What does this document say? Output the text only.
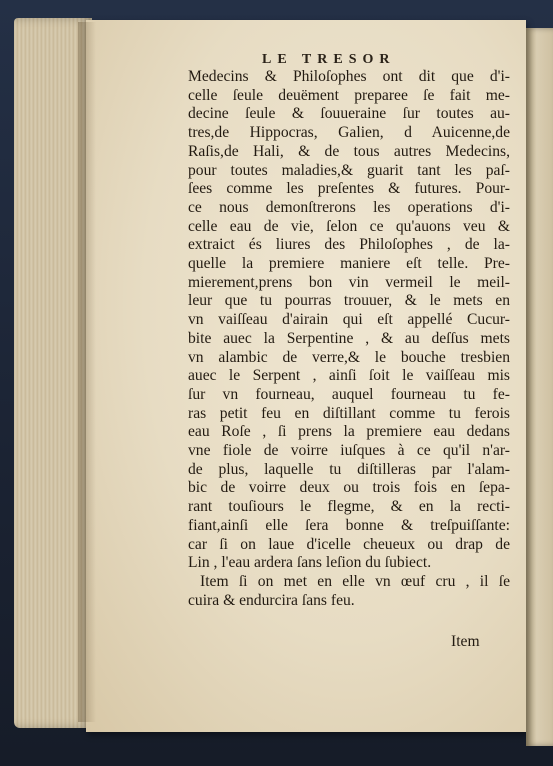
LE TRESOR
Medecins & Philoſophes ont dit que d'i-
celle ſeule deuëment preparee ſe fait me-
decine ſeule & ſouueraine ſur toutes au-
tres,de Hippocras, Galien, d Auicenne,de
Raſis,de Hali, & de tous autres Medecins,
pour toutes maladies,& guarit tant les paſ-
ſees comme les preſentes & futures. Pour-
ce nous demonſtrerons les operations d'i-
celle eau de vie, ſelon ce qu'auons veu &
extraict és liures des Philoſophes , de la-
quelle la premiere maniere eſt telle. Pre-
mierement,prens bon vin vermeil le meil-
leur que tu pourras trouuer, & le mets en
vn vaiſſeau d'airain qui eſt appellé Cucur-
bite auec la Serpentine , & au deſſus mets
vn alambic de verre,& le bouche tresbien
auec le Serpent , ainſi ſoit le vaiſſeau mis
ſur vn fourneau, auquel fourneau tu fe-
ras petit feu en diſtillant comme tu ferois
eau Roſe , ſi prens la premiere eau dedans
vne fiole de voirre iuſques à ce qu'il n'ar-
de plus, laquelle tu diſtilleras par l'alam-
bic de voirre deux ou trois fois en ſepa-
rant touſiours le flegme, & en la recti-
fiant,ainſi elle ſera bonne & treſpuiſſante:
car ſi on laue d'icelle cheueux ou drap de
Lin , l'eau ardera ſans leſion du ſubiect.
Item ſi on met en elle vn œuf cru , il ſe
cuira & endurcira ſans feu.
Item
